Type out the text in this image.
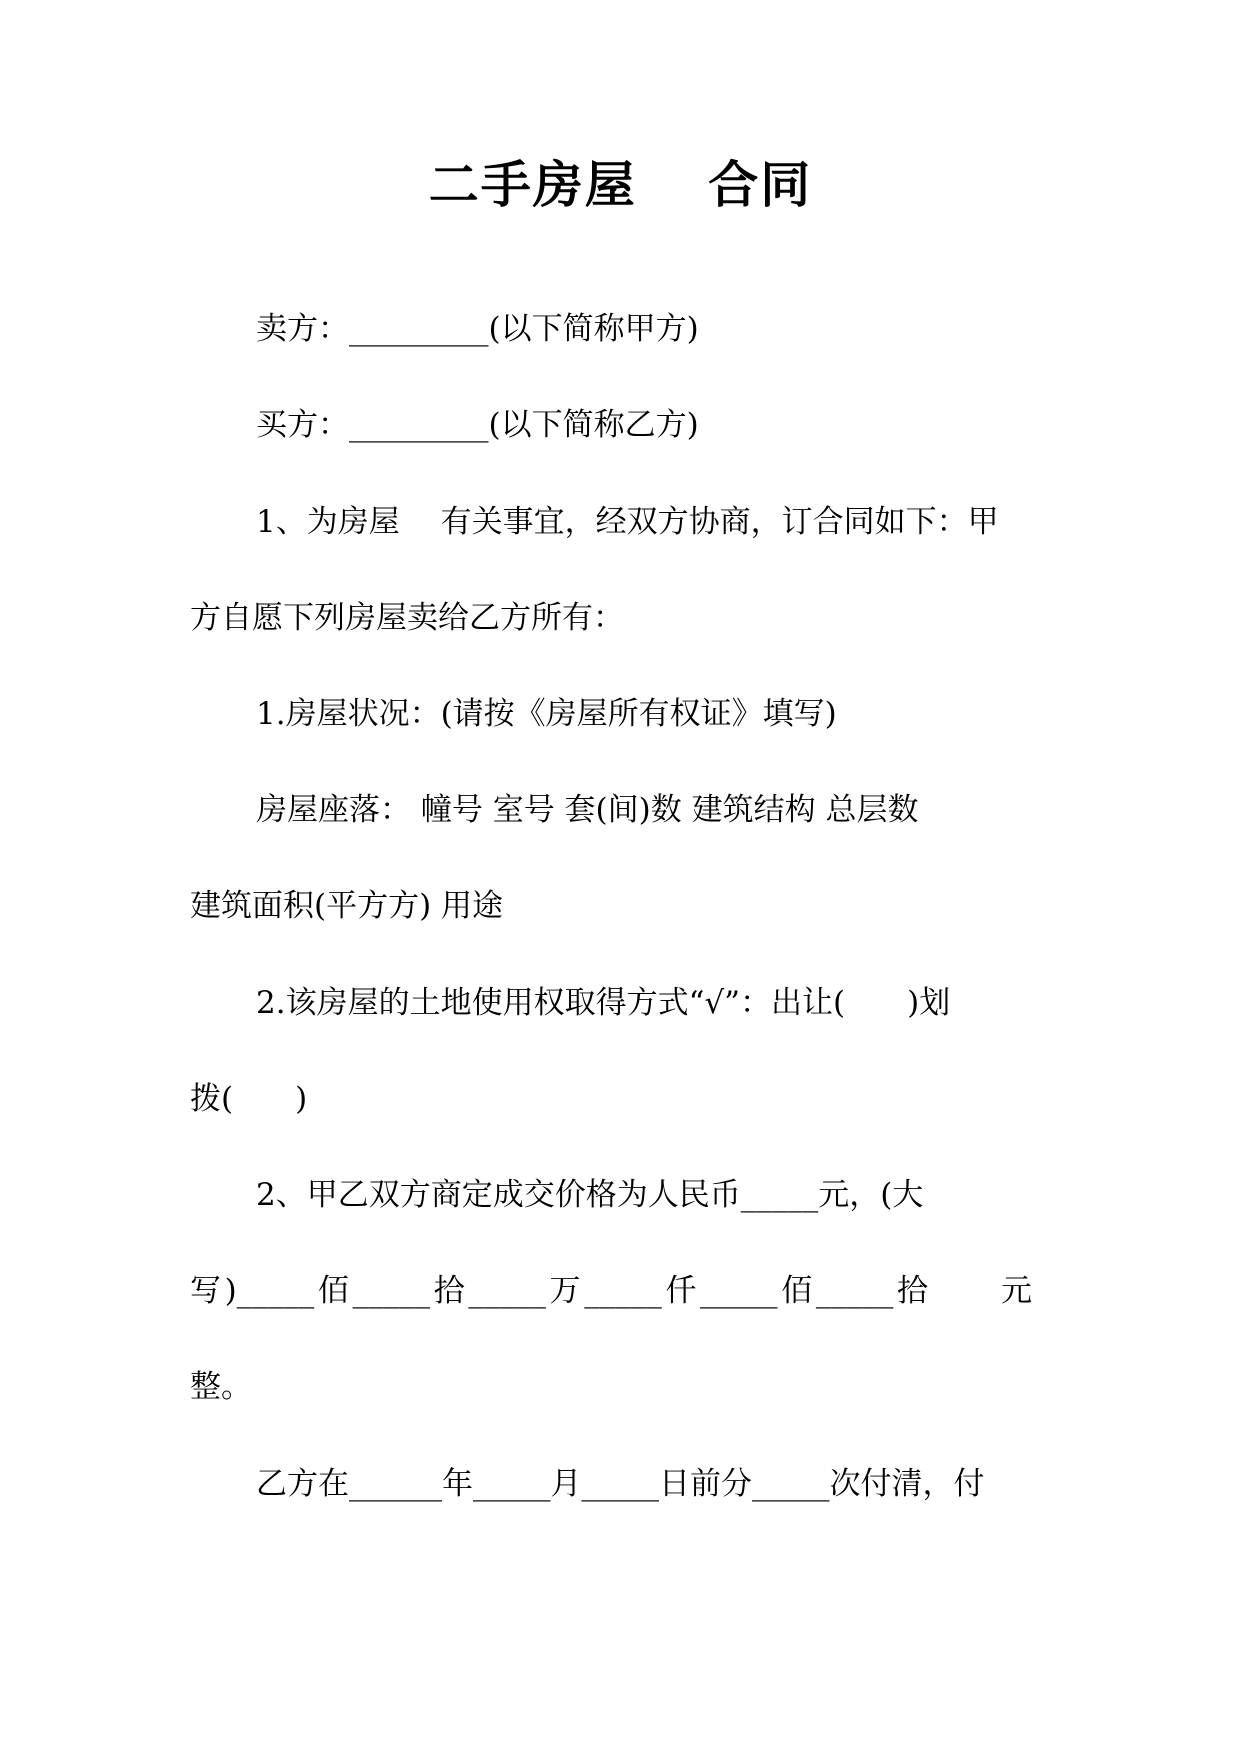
二手房屋　 合同
卖方：_________(以下简称甲方)
买方：_________(以下简称乙方)
1、为房屋　 有关事宜，经双方协商，订合同如下：甲
方自愿下列房屋卖给乙方所有：
1.房屋状况：(请按《房屋所有权证》填写)
房屋座落： 幢号 室号 套(间)数 建筑结构 总层数
建筑面积(平方方) 用途
2.该房屋的土地使用权取得方式“√”：出让(　　)划
拨(　　)
2、甲乙双方商定成交价格为人民币_____元，(大
写)_____佰_____拾_____万_____仟_____佰_____拾　　元
整。
乙方在______年_____月_____日前分_____次付清，付
